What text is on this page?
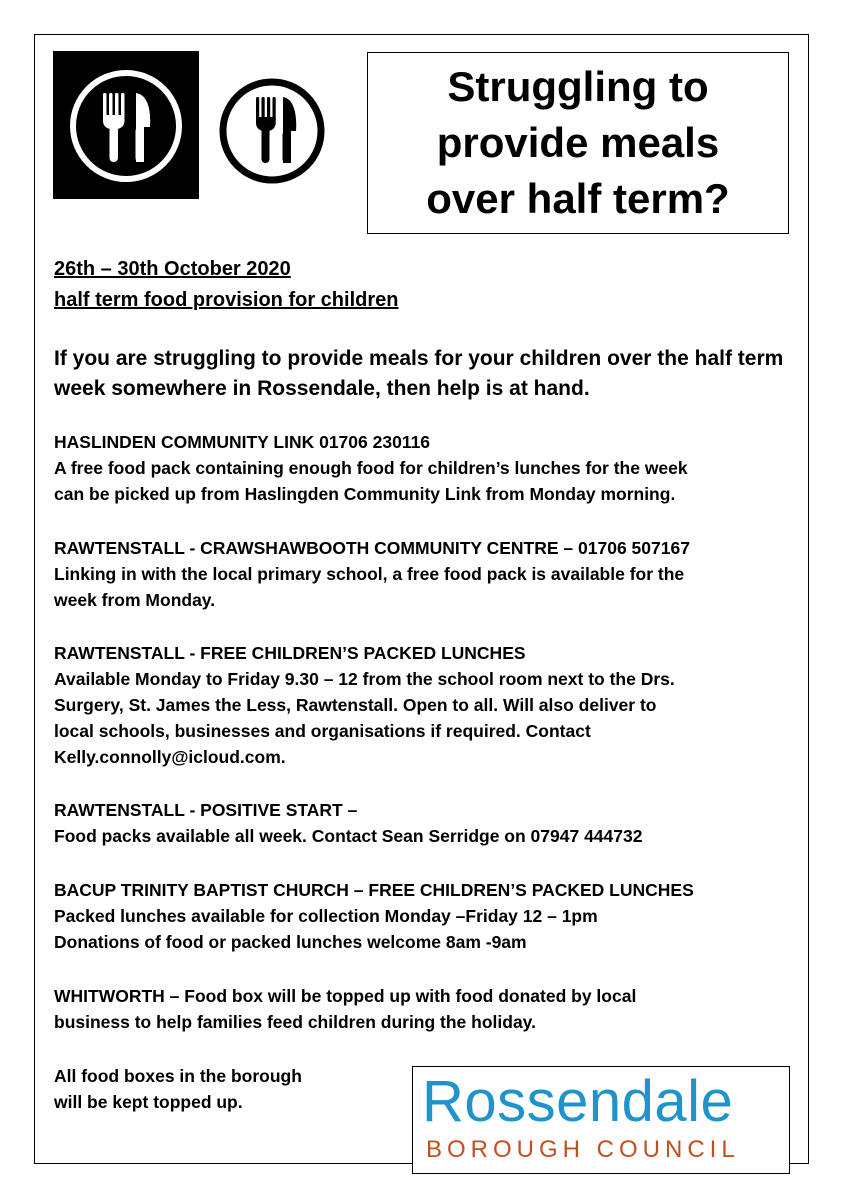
Struggling to
provide meals
over half term?

26th – 30th October 2020

half term food provision for children

If you are struggling to provide meals for your children over the half term week somewhere in Rossendale, then help is at hand.

HASLINDEN COMMUNITY LINK 01706 230116

A free food pack containing enough food for children’s lunches for the week

can be picked up from Haslingden Community Link from Monday morning.

RAWTENSTALL - CRAWSHAWBOOTH COMMUNITY CENTRE – 01706 507167

Linking in with the local primary school, a free food pack is available for the

week from Monday.

RAWTENSTALL - FREE CHILDREN’S PACKED LUNCHES

Available Monday to Friday 9.30 – 12 from the school room next to the Drs.

Surgery, St. James the Less, Rawtenstall. Open to all. Will also deliver to

local schools, businesses and organisations if required. Contact

Kelly.connolly@icloud.com.

RAWTENSTALL - POSITIVE START –

Food packs available all week. Contact Sean Serridge on 07947 444732

BACUP TRINITY BAPTIST CHURCH – FREE CHILDREN’S PACKED LUNCHES

Packed lunches available for collection Monday –Friday 12 – 1pm

Donations of food or packed lunches welcome 8am -9am

WHITWORTH – Food box will be topped up with food donated by local

business to help families feed children during the holiday.

All food boxes in the borough
will be kept topped up.	Rossendale

BOROUGH COUNCIL
